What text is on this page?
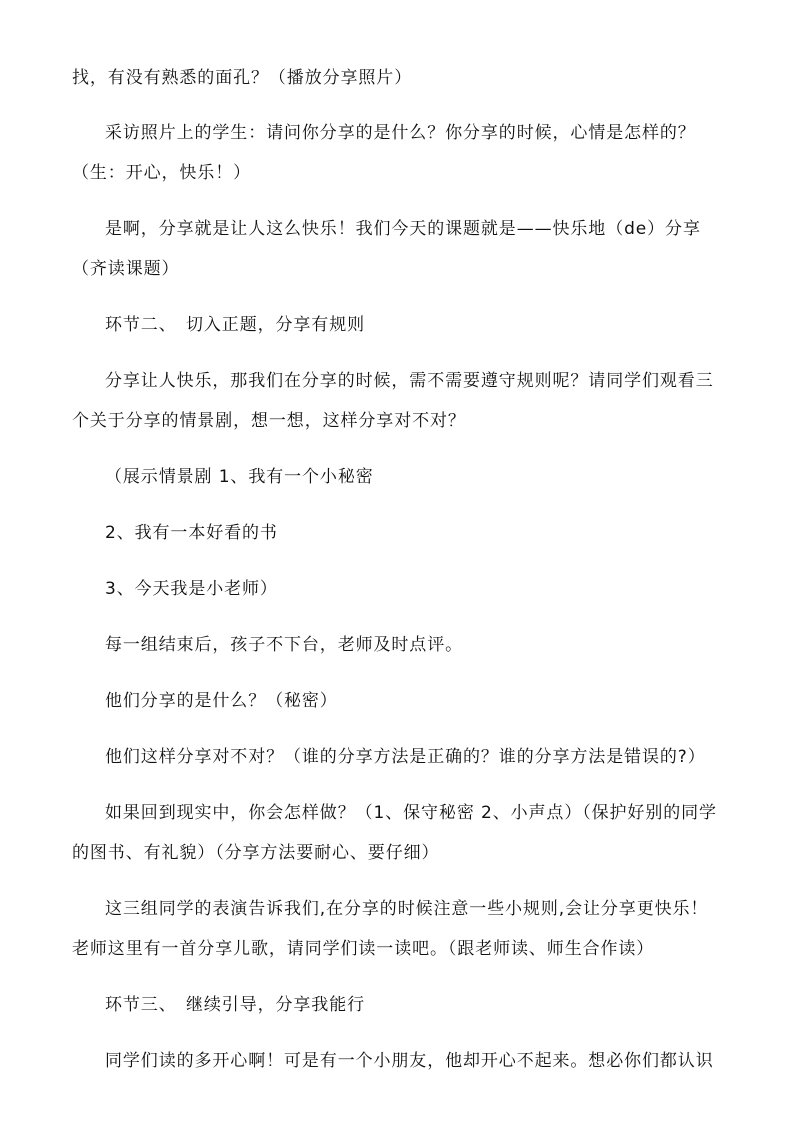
找，有没有熟悉的面孔？（播放分享照片）
采访照片上的学生：请问你分享的是什么？你分享的时候，心情是怎样的？
（生：开心，快乐！）
是啊，分享就是让人这么快乐！我们今天的课题就是——快乐地（de）分享
（齐读课题）
环节二、　切入正题，分享有规则
分享让人快乐，那我们在分享的时候，需不需要遵守规则呢？请同学们观看三
个关于分享的情景剧，想一想，这样分享对不对？
（展示情景剧 1、我有一个小秘密
2、我有一本好看的书
3、今天我是小老师）
每一组结束后，孩子不下台，老师及时点评。
他们分享的是什么？（秘密）
他们这样分享对不对？（谁的分享方法是正确的？谁的分享方法是错误的?）
如果回到现实中，你会怎样做？（1、保守秘密 2、小声点）（保护好别的同学
的图书、有礼貌）（分享方法要耐心、要仔细）
这三组同学的表演告诉我们,在分享的时候注意一些小规则,会让分享更快乐！
老师这里有一首分享儿歌，请同学们读一读吧。（跟老师读、师生合作读）
环节三、　继续引导，分享我能行
同学们读的多开心啊！可是有一个小朋友，他却开心不起来。想必你们都认识
